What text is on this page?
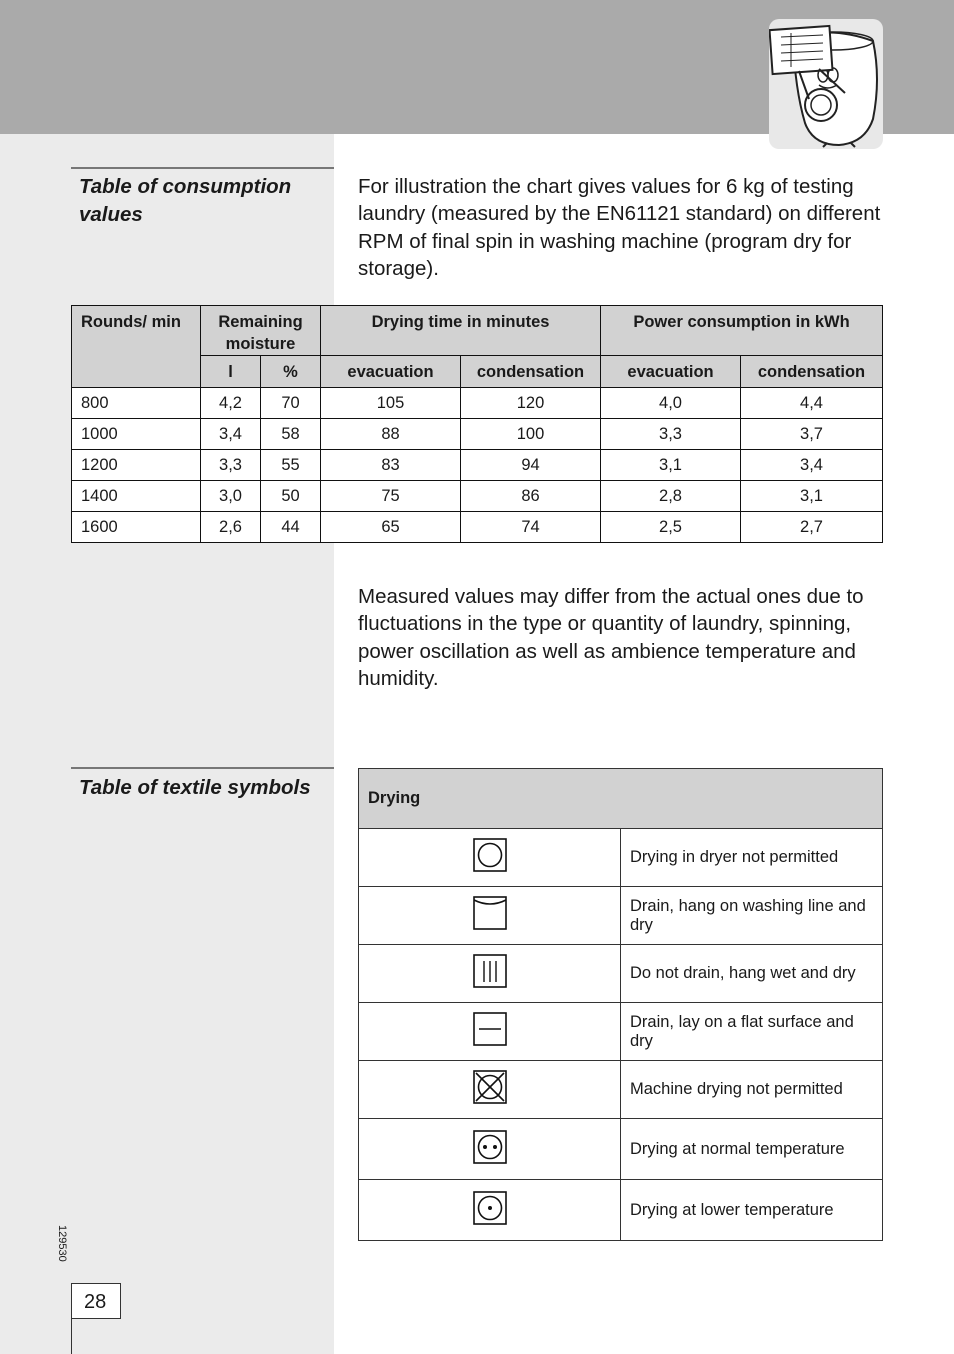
Table of consumption values
For illustration the chart gives values for 6 kg of testing laundry (measured by the EN61121 standard) on different RPM of final spin in washing machine (program dry for storage).
Rounds/ min	Remaining moisture		Drying time in minutes		Power consumption in kWh	
	l	%	evacuation	condensation	evacuation	condensation
800	4,2	70	105	120	4,0	4,4
1000	3,4	58	88	100	3,3	3,7
1200	3,3	55	83	94	3,1	3,4
1400	3,0	50	75	86	2,8	3,1
1600	2,6	44	65	74	2,5	2,7
Measured values may differ from the actual ones due to fluctuations in the type or quantity of laundry, spinning, power oscillation as well as ambience temperature and humidity.
Table of textile symbols	Drying	
	Drying in dryer not permitted
	Drain, hang on washing line and dry
	Do not drain, hang wet and dry
	Drain, lay on a flat surface and dry
	Machine drying not permitted
	Drying at normal temperature
	Drying at lower temperature
129530
28
